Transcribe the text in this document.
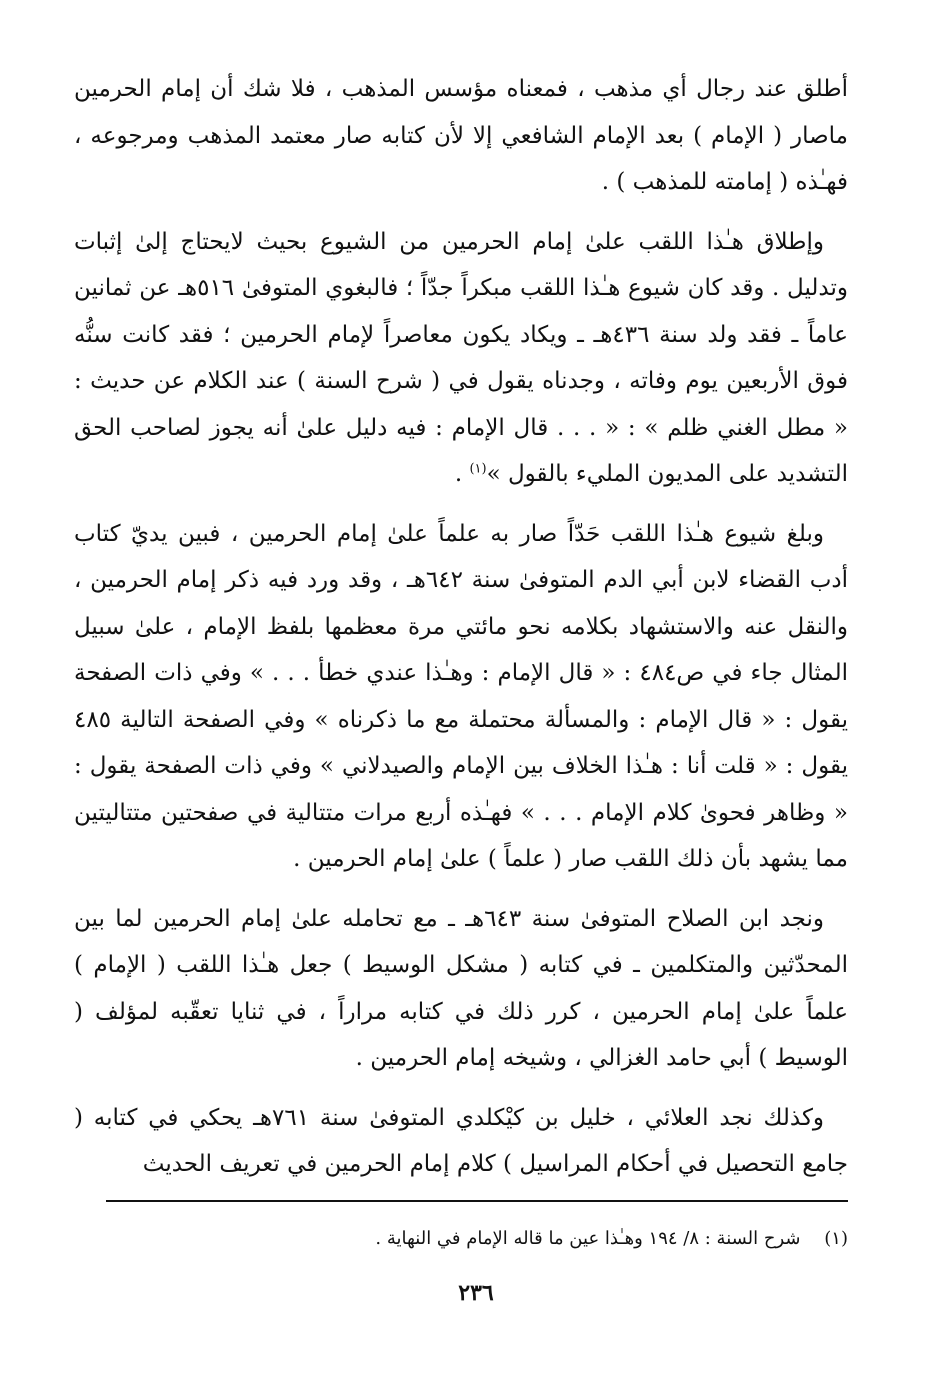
أطلق عند رجال أي مذهب ، فمعناه مؤسس المذهب ، فلا شك أن إمام الحرمين ماصار ( الإمام ) بعد الإمام الشافعي إلا لأن كتابه صار معتمد المذهب ومرجوعه ، فهـٰذه ( إمامته للمذهب ) .

وإطلاق هـٰذا اللقب علىٰ إمام الحرمين من الشيوع بحيث لايحتاج إلىٰ إثبات وتدليل . وقد كان شيوع هـٰذا اللقب مبكراً جدّاً ؛ فالبغوي المتوفىٰ ٥١٦هـ عن ثمانين عاماً ـ فقد ولد سنة ٤٣٦هـ ـ ويكاد يكون معاصراً لإمام الحرمين ؛ فقد كانت سنُّه فوق الأربعين يوم وفاته ، وجدناه يقول في ( شرح السنة ) عند الكلام عن حديث : « مطل الغني ظلم » : « . . . قال الإمام : فيه دليل علىٰ أنه يجوز لصاحب الحق التشديد على المديون المليء بالقول »$^{(١)}$ .

وبلغ شيوع هـٰذا اللقب حَدّاً صار به علماً علىٰ إمام الحرمين ، فبين يديّ كتاب أدب القضاء لابن أبي الدم المتوفىٰ سنة ٦٤٢هـ ، وقد ورد فيه ذكر إمام الحرمين ، والنقل عنه والاستشهاد بكلامه نحو مائتي مرة معظمها بلفظ الإمام ، علىٰ سبيل المثال جاء في ص٤٨٤ : « قال الإمام : وهـٰذا عندي خطأ . . . » وفي ذات الصفحة يقول : « قال الإمام : والمسألة محتملة مع ما ذكرناه » وفي الصفحة التالية ٤٨٥ يقول : « قلت أنا : هـٰذا الخلاف بين الإمام والصيدلاني » وفي ذات الصفحة يقول : « وظاهر فحوىٰ كلام الإمام . . . » فهـٰذه أربع مرات متتالية في صفحتين متتاليتين مما يشهد بأن ذلك اللقب صار ( علماً ) علىٰ إمام الحرمين .

ونجد ابن الصلاح المتوفىٰ سنة ٦٤٣هـ ـ مع تحامله علىٰ إمام الحرمين لما بين المحدّثين والمتكلمين ـ في كتابه ( مشكل الوسيط ) جعل هـٰذا اللقب ( الإمام ) علماً علىٰ إمام الحرمين ، كرر ذلك في كتابه مراراً ، في ثنايا تعقّبه لمؤلف ( الوسيط ) أبي حامد الغزالي ، وشيخه إمام الحرمين .

وكذلك نجد العلائي ، خليل بن كيْكلدي المتوفىٰ سنة ٧٦١هـ يحكي في كتابه ( جامع التحصيل في أحكام المراسيل ) كلام إمام الحرمين في تعريف الحديث

(١) شرح السنة : ٨/ ١٩٤ وهـٰذا عين ما قاله الإمام في النهاية .
٢٣٦
